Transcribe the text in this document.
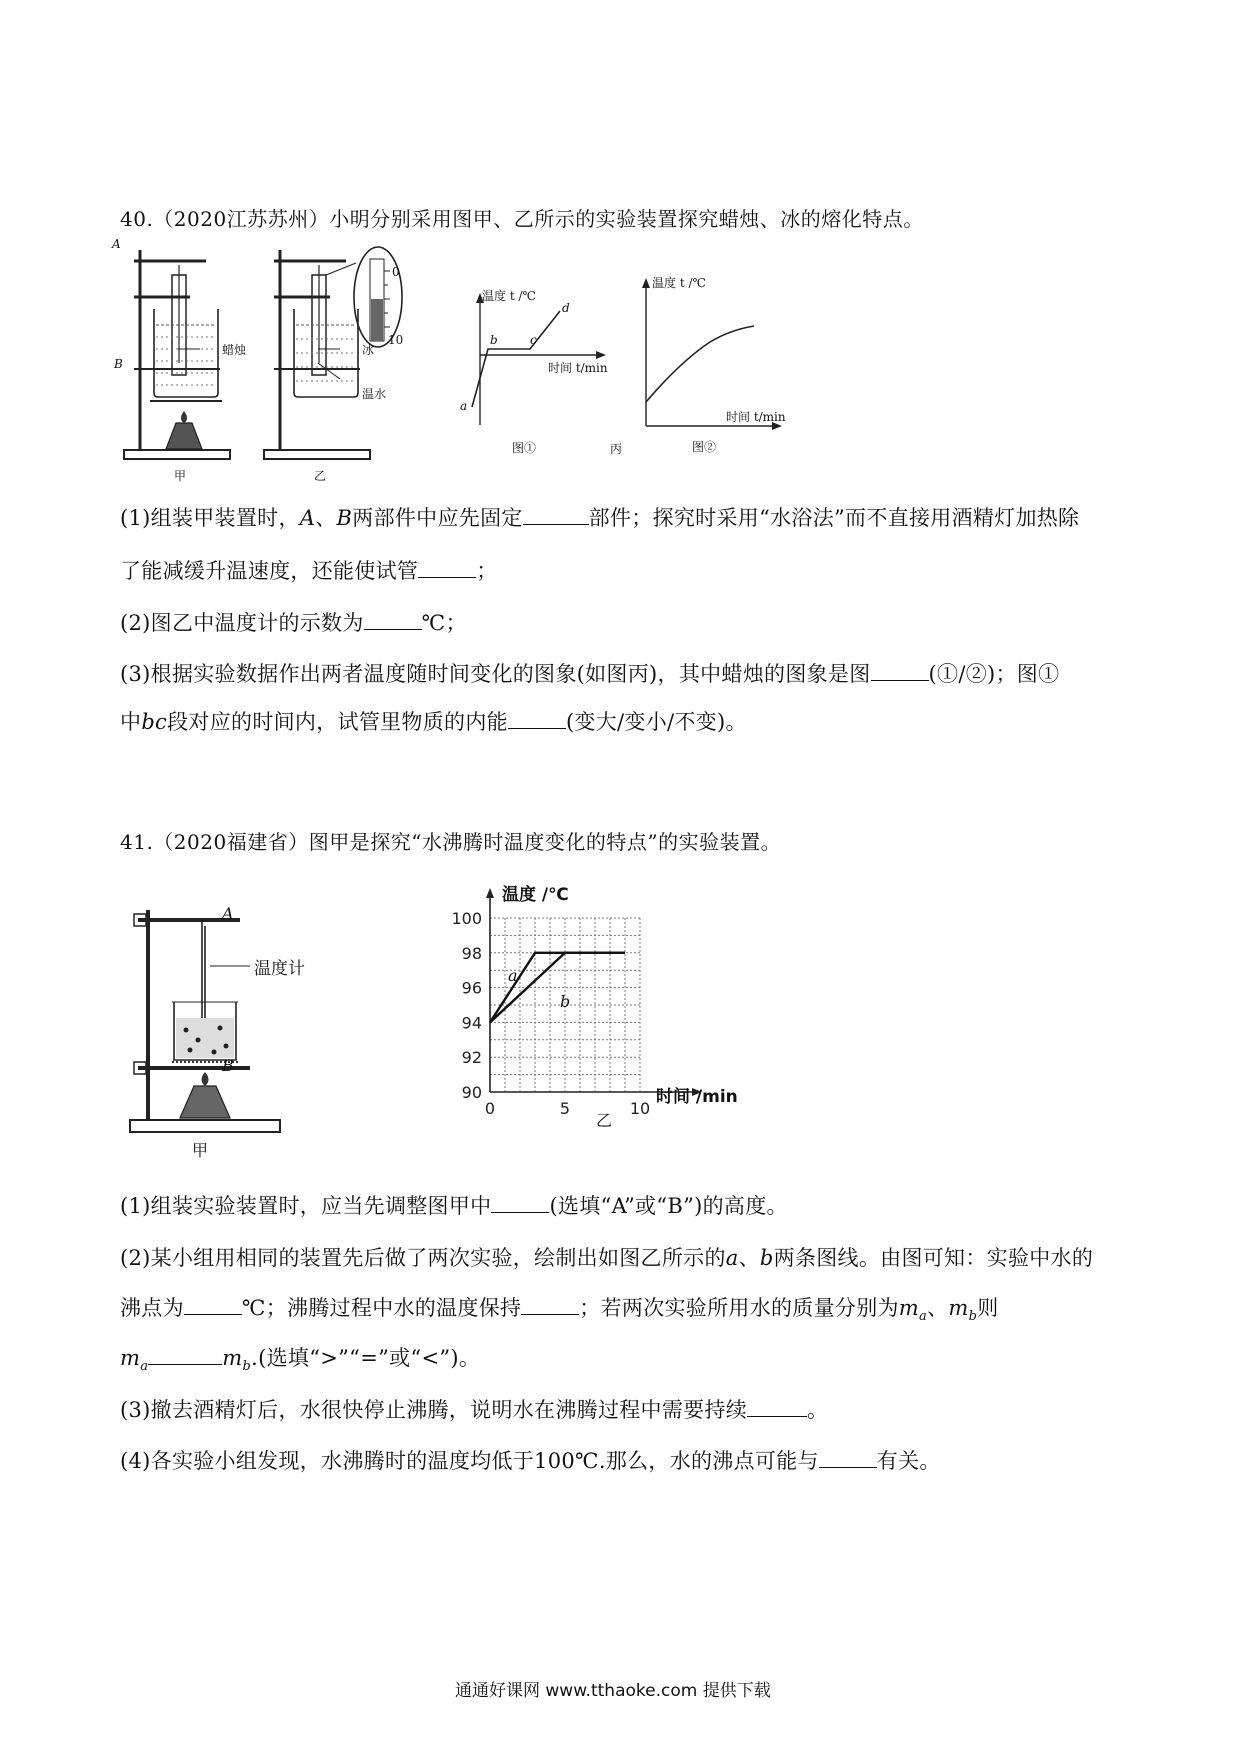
40.（2020江苏苏州）小明分别采用图甲、乙所示的实验装置探究蜡烛、冰的熔化特点。
A
B
蜡烛
甲
0
10
冰
温水
乙
温度 t /℃
时间 t/min
a
b	c
d
图①
温度 t /℃
时间 t/min
图②
丙
(1)组装甲装置时，A、B两部件中应先固定	部件；探究时采用“水浴法”而不直接用酒精灯加热除
了能减缓升温速度，还能使试管	；
(2)图乙中温度计的示数为	℃；
(3)根据实验数据作出两者温度随时间变化的图象(如图丙)，其中蜡烛的图象是图	(①/②)；图①
中bc段对应的时间内，试管里物质的内能	(变大/变小/不变)。
41.（2020福建省）图甲是探究“水沸腾时温度变化的特点”的实验装置。
A
B
温度计
甲
90
92
94
96
98
100
0	5	10
温度 /℃
时间 /min
乙
a
b
(1)组装实验装置时，应当先调整图甲中	(选填“A”或“B”)的高度。
(2)某小组用相同的装置先后做了两次实验，绘制出如图乙所示的a、b两条图线。由图可知：实验中水的
沸点为	℃；沸腾过程中水的温度保持	；若两次实验所用水的质量分别为$m_a$、$m_b$则
$m_a$	$m_b$.(选填“>”“=”或“<”)。
(3)撤去酒精灯后，水很快停止沸腾，说明水在沸腾过程中需要持续	。
(4)各实验小组发现，水沸腾时的温度均低于100℃.那么，水的沸点可能与	有关。
通通好课网 www.tthaoke.com 提供下载
